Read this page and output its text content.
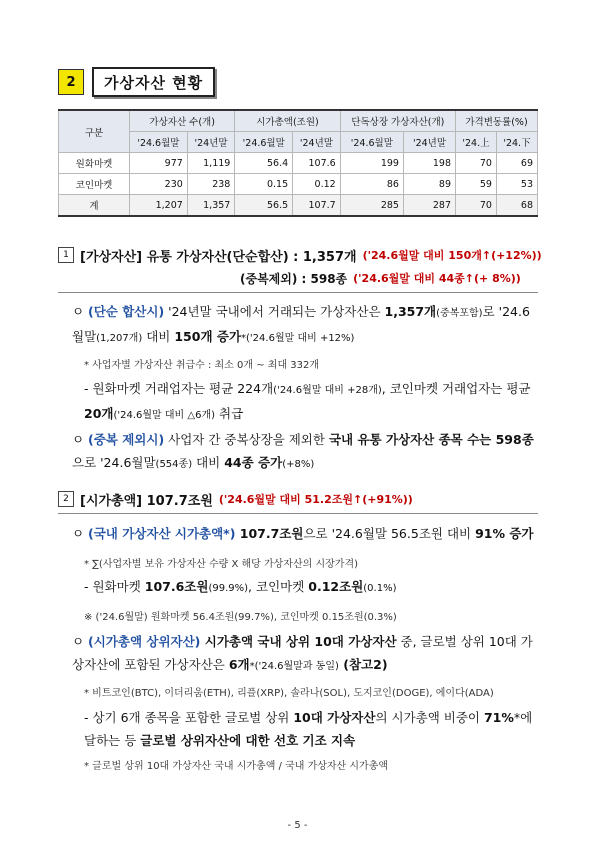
2	가상자산 현황
구분	가상자산 수(개)		시가총액(조원)		단독상장 가상자산(개)		가격변동률(%)	
	'24.6월말	'24년말	'24.6월말	'24년말	'24.6월말	'24년말	'24.上	'24.下
원화마켓	977	1,119	56.4	107.6	199	198	70	69
코인마켓	230	238	0.15	0.12	86	89	59	53
계	1,207	1,357	56.5	107.7	285	287	70	68
1 [가상자산] 유통 가상자산(단순합산) : 1,357개 ('24.6월말 대비 150개↑(+12%))
(중복제외) : 598종 ('24.6월말 대비 44종↑(+ 8%))
ㅇ (단순 합산시) '24년말 국내에서 거래되는 가상자산은 1,357개(중복포함)로 '24.6월말(1,207개) 대비 150개 증가*('24.6월말 대비 +12%)
* 사업자별 가상자산 취급수 : 최소 0개 ~ 최대 332개
- 원화마켓 거래업자는 평균 224개('24.6월말 대비 +28개), 코인마켓 거래업자는 평균 20개('24.6월말 대비 △6개) 취급
ㅇ (중복 제외시) 사업자 간 중복상장을 제외한 국내 유통 가상자산 종목 수는 598종으로 '24.6월말(554종) 대비 44종 증가(+8%)
2 [시가총액] 107.7조원 ('24.6월말 대비 51.2조원↑(+91%))
ㅇ (국내 가상자산 시가총액*) 107.7조원으로 '24.6월말 56.5조원 대비 91% 증가
* ∑(사업자별 보유 가상자산 수량 X 해당 가상자산의 시장가격)
- 원화마켓 107.6조원(99.9%), 코인마켓 0.12조원(0.1%)
※ ('24.6월말) 원화마켓 56.4조원(99.7%), 코인마켓 0.15조원(0.3%)
ㅇ (시가총액 상위자산) 시가총액 국내 상위 10대 가상자산 중, 글로벌 상위 10대 가상자산에 포함된 가상자산은 6개*('24.6월말과 동일) (참고2)
* 비트코인(BTC), 이더리움(ETH), 리플(XRP), 솔라나(SOL), 도지코인(DOGE), 에이다(ADA)
- 상기 6개 종목을 포함한 글로벌 상위 10대 가상자산의 시가총액 비중이 71%*에 달하는 등 글로벌 상위자산에 대한 선호 기조 지속
* 글로벌 상위 10대 가상자산 국내 시가총액 / 국내 가상자산 시가총액
- 5 -
